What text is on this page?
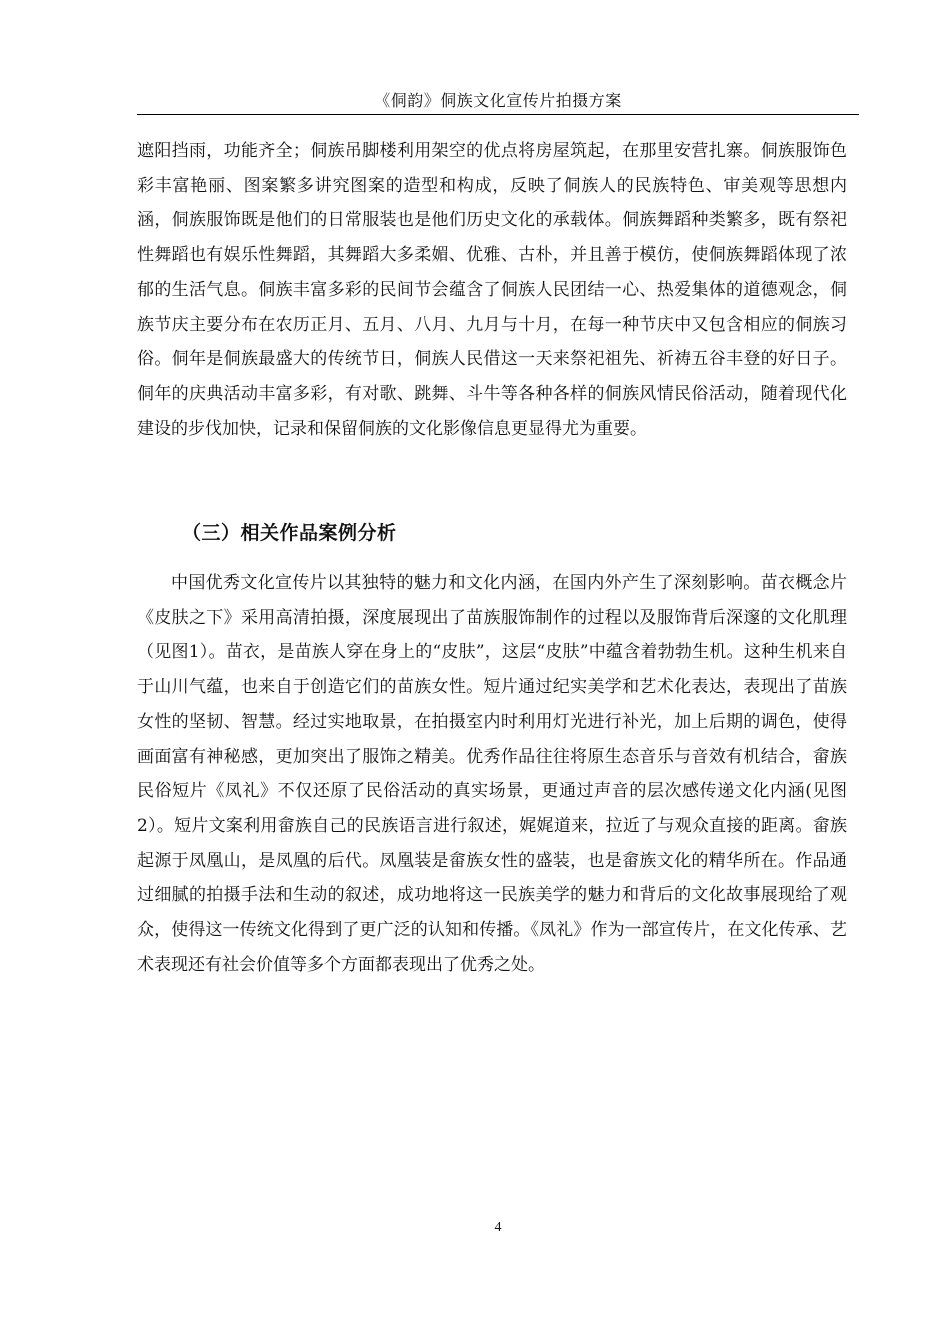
《侗韵》侗族文化宣传片拍摄方案

遮阳挡雨，功能齐全；侗族吊脚楼利用架空的优点将房屋筑起，在那里安营扎寨。侗族服饰色彩丰富艳丽、图案繁多讲究图案的造型和构成，反映了侗族人的民族特色、审美观等思想内涵，侗族服饰既是他们的日常服装也是他们历史文化的承载体。侗族舞蹈种类繁多，既有祭祀性舞蹈也有娱乐性舞蹈，其舞蹈大多柔媚、优雅、古朴，并且善于模仿，使侗族舞蹈体现了浓郁的生活气息。侗族丰富多彩的民间节会蕴含了侗族人民团结一心、热爱集体的道德观念，侗族节庆主要分布在农历正月、五月、八月、九月与十月，在每一种节庆中又包含相应的侗族习俗。侗年是侗族最盛大的传统节日，侗族人民借这一天来祭祀祖先、祈祷五谷丰登的好日子。侗年的庆典活动丰富多彩，有对歌、跳舞、斗牛等各种各样的侗族风情民俗活动，随着现代化建设的步伐加快，记录和保留侗族的文化影像信息更显得尤为重要。

（三）相关作品案例分析

中国优秀文化宣传片以其独特的魅力和文化内涵，在国内外产生了深刻影响。苗衣概念片《皮肤之下》采用高清拍摄，深度展现出了苗族服饰制作的过程以及服饰背后深邃的文化肌理（见图1）。苗衣，是苗族人穿在身上的“皮肤”，这层“皮肤”中蕴含着勃勃生机。这种生机来自于山川气蕴，也来自于创造它们的苗族女性。短片通过纪实美学和艺术化表达，表现出了苗族女性的坚韧、智慧。经过实地取景，在拍摄室内时利用灯光进行补光，加上后期的调色，使得画面富有神秘感，更加突出了服饰之精美。优秀作品往往将原生态音乐与音效有机结合，畲族民俗短片《凤礼》不仅还原了民俗活动的真实场景，更通过声音的层次感传递文化内涵(见图2）。短片文案利用畲族自己的民族语言进行叙述，娓娓道来，拉近了与观众直接的距离。畲族起源于凤凰山，是凤凰的后代。凤凰装是畲族女性的盛装，也是畲族文化的精华所在。作品通过细腻的拍摄手法和生动的叙述，成功地将这一民族美学的魅力和背后的文化故事展现给了观众，使得这一传统文化得到了更广泛的认知和传播。《凤礼》作为一部宣传片，在文化传承、艺术表现还有社会价值等多个方面都表现出了优秀之处。

4
